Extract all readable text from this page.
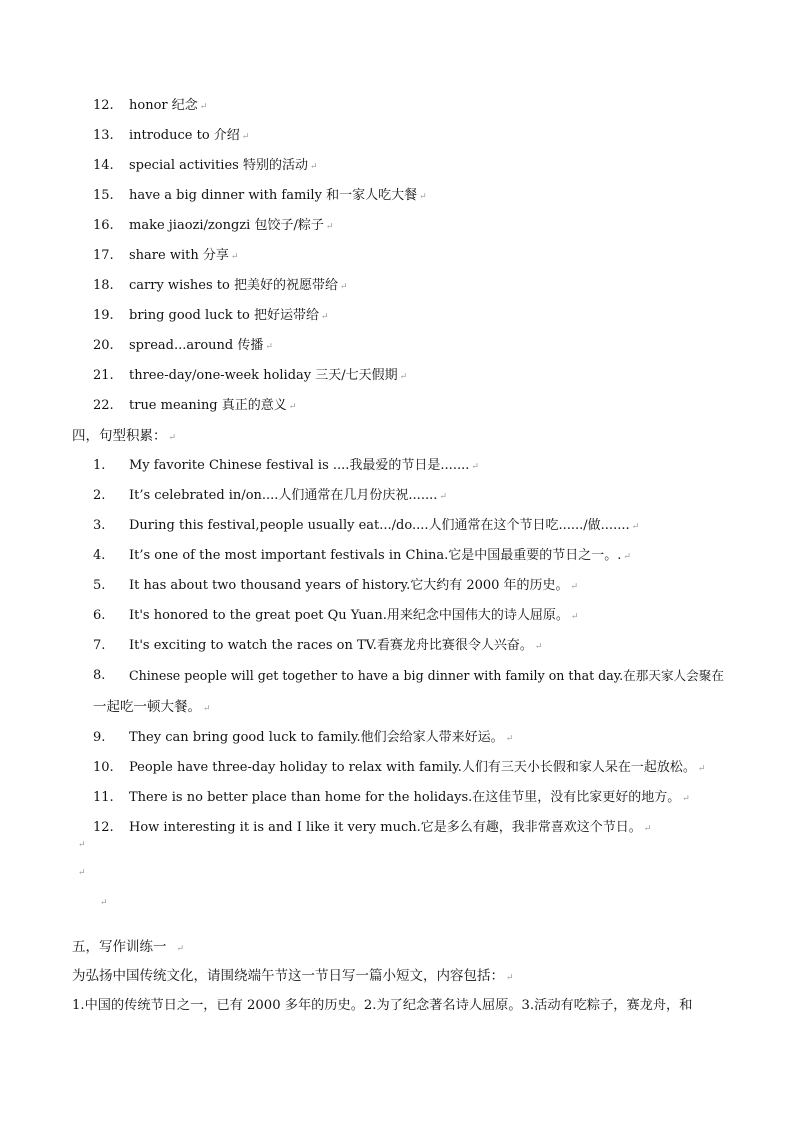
12. honor 纪念 ↵
13. introduce to 介绍 ↵
14. special activities 特别的活动 ↵
15. have a big dinner with family 和一家人吃大餐 ↵
16. make jiaozi/zongzi 包饺子/粽子 ↵
17. share with 分享 ↵
18. carry wishes to 把美好的祝愿带给 ↵
19. bring good luck to 把好运带给 ↵
20. spread...around 传播 ↵
21. three-day/one-week holiday 三天/七天假期 ↵
22. true meaning 真正的意义 ↵
四，句型积累： ↵
1. My favorite Chinese festival is ....我最爱的节日是....... ↵
2. It’s celebrated in/on....人们通常在几月份庆祝....... ↵
3. During this festival,people usually eat.../do....人们通常在这个节日吃....../做....... ↵
4. It’s one of the most important festivals in China.它是中国最重要的节日之一。. ↵
5. It has about two thousand years of history.它大约有 2000 年的历史。 ↵
6. It's honored to the great poet Qu Yuan.用来纪念中国伟大的诗人屈原。 ↵
7. It's exciting to watch the races on TV.看赛龙舟比赛很令人兴奋。 ↵
8. Chinese people will get together to have a big dinner with family on that day.在那天家人会聚在
一起吃一顿大餐。 ↵
9. They can bring good luck to family.他们会给家人带来好运。 ↵
10. People have three-day holiday to relax with family.人们有三天小长假和家人呆在一起放松。 ↵
11. There is no better place than home for the holidays.在这佳节里，没有比家更好的地方。 ↵
12. How interesting it is and I like it very much.它是多么有趣，我非常喜欢这个节日。 ↵
↵
↵
↵
五，写作训练一 ↵
为弘扬中国传统文化，请围绕端午节这一节日写一篇小短文，内容包括： ↵
1.中国的传统节日之一，已有 2000 多年的历史。2.为了纪念著名诗人屈原。3.活动有吃粽子，赛龙舟，和
